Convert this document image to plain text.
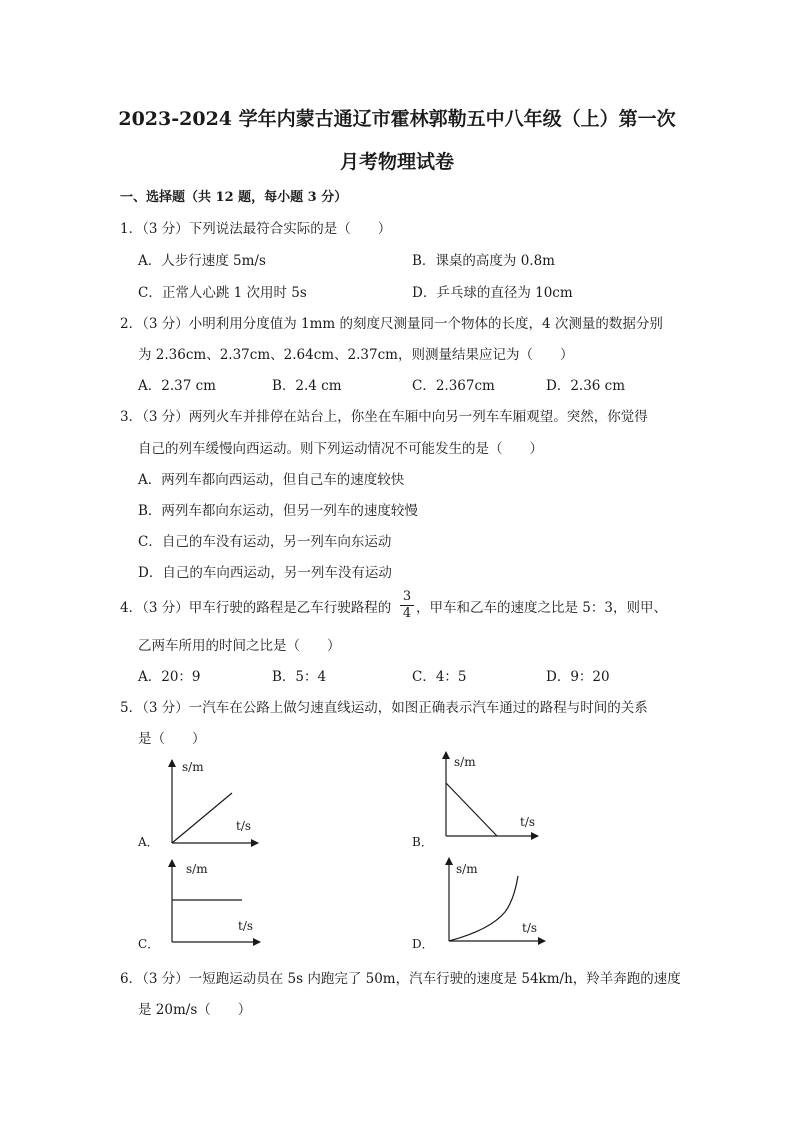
2023-2024 学年内蒙古通辽市霍林郭勒五中八年级（上）第一次
月考物理试卷
一、选择题（共 12 题，每小题 3 分）
1．（3 分）下列说法最符合实际的是（　　）
A．人步行速度 5m/s	B．课桌的高度为 0.8m
C．正常人心跳 1 次用时 5s	D．乒乓球的直径为 10cm
2．（3 分）小明利用分度值为 1mm 的刻度尺测量同一个物体的长度，4 次测量的数据分别
为 2.36cm、2.37cm、2.64cm、2.37cm，则测量结果应记为（　　）
A．2.37 cm	B．2.4 cm	C．2.367cm	D．2.36 cm
3．（3 分）两列火车并排停在站台上，你坐在车厢中向另一列车车厢观望。突然，你觉得
自己的列车缓慢向西运动。则下列运动情况不可能发生的是（　　）
A．两列车都向西运动，但自己车的速度较快
B．两列车都向东运动，但另一列车的速度较慢
C．自己的车没有运动，另一列车向东运动
D．自己的车向西运动，另一列车没有运动
4．（3 分）甲车行驶的路程是乙车行驶路程的
3
4 ，甲车和乙车的速度之比是 5：3，则甲、
乙两车所用的时间之比是（　　）
A．20：9	B．5：4	C．4：5	D．9：20
5．（3 分）一汽车在公路上做匀速直线运动，如图正确表示汽车通过的路程与时间的关系
是（　　）
A．
s/m
t/s
B．
s/m
t/s
C．
s/m
t/s
D．
s/m
t/s
6．（3 分）一短跑运动员在 5s 内跑完了 50m，汽车行驶的速度是 54km/h，羚羊奔跑的速度
是 20m/s（　　）
